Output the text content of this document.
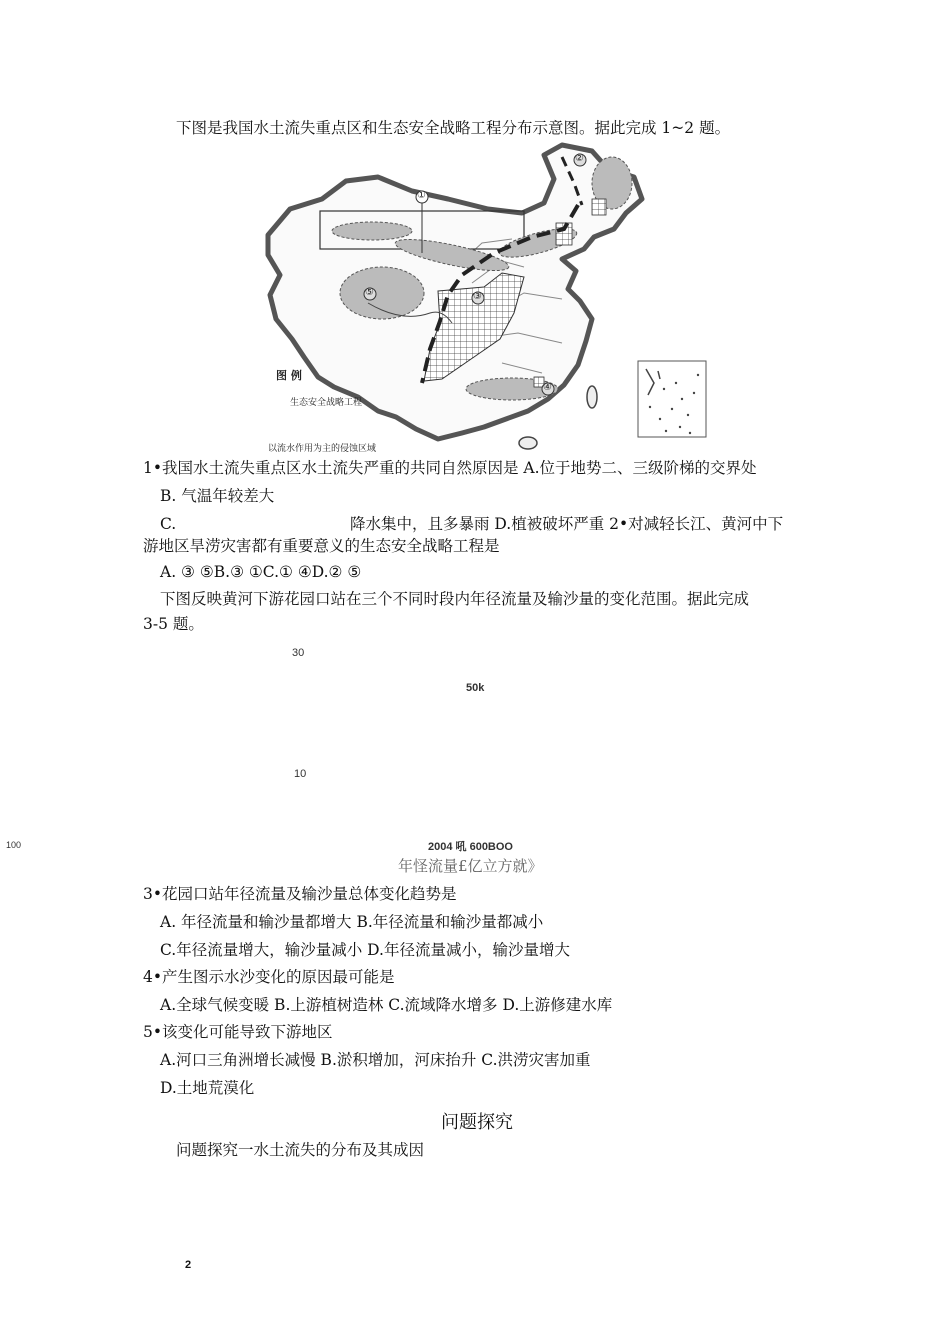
下图是我国水土流失重点区和生态安全战略工程分布示意图。据此完成 1~2 题。
①
②
③
④
⑤
图 例
生态安全战略工程
以流水作用为主的侵蚀区域
1•我国水土流失重点区水土流失严重的共同自然原因是 A.位于地势二、三级阶梯的交界处
B. 气温年较差大
C.	降水集中，且多暴雨 D.植被破坏严重 2•对减轻长江、黄河中下
游地区旱涝灾害都有重要意义的生态安全战略工程是
A. ③ ⑤B.③ ①C.① ④D.② ⑤
下图反映黄河下游花园口站在三个不同时段内年径流量及输沙量的变化范围。据此完成
3-5 题。
30
50k
10
100	2004 吼 600BOO
年怪流量£亿立方就》
3•花园口站年径流量及输沙量总体变化趋势是
A. 年径流量和输沙量都增大 B.年径流量和输沙量都减小
C.年径流量增大，输沙量减小 D.年径流量减小，输沙量增大
4•产生图示水沙变化的原因最可能是
A.全球气候变暖 B.上游植树造林 C.流域降水增多 D.上游修建水库
5•该变化可能导致下游地区
A.河口三角洲增长减慢 B.淤积增加，河床抬升 C.洪涝灾害加重
D.土地荒漠化
问题探究
问题探究一水土流失的分布及其成因
2
